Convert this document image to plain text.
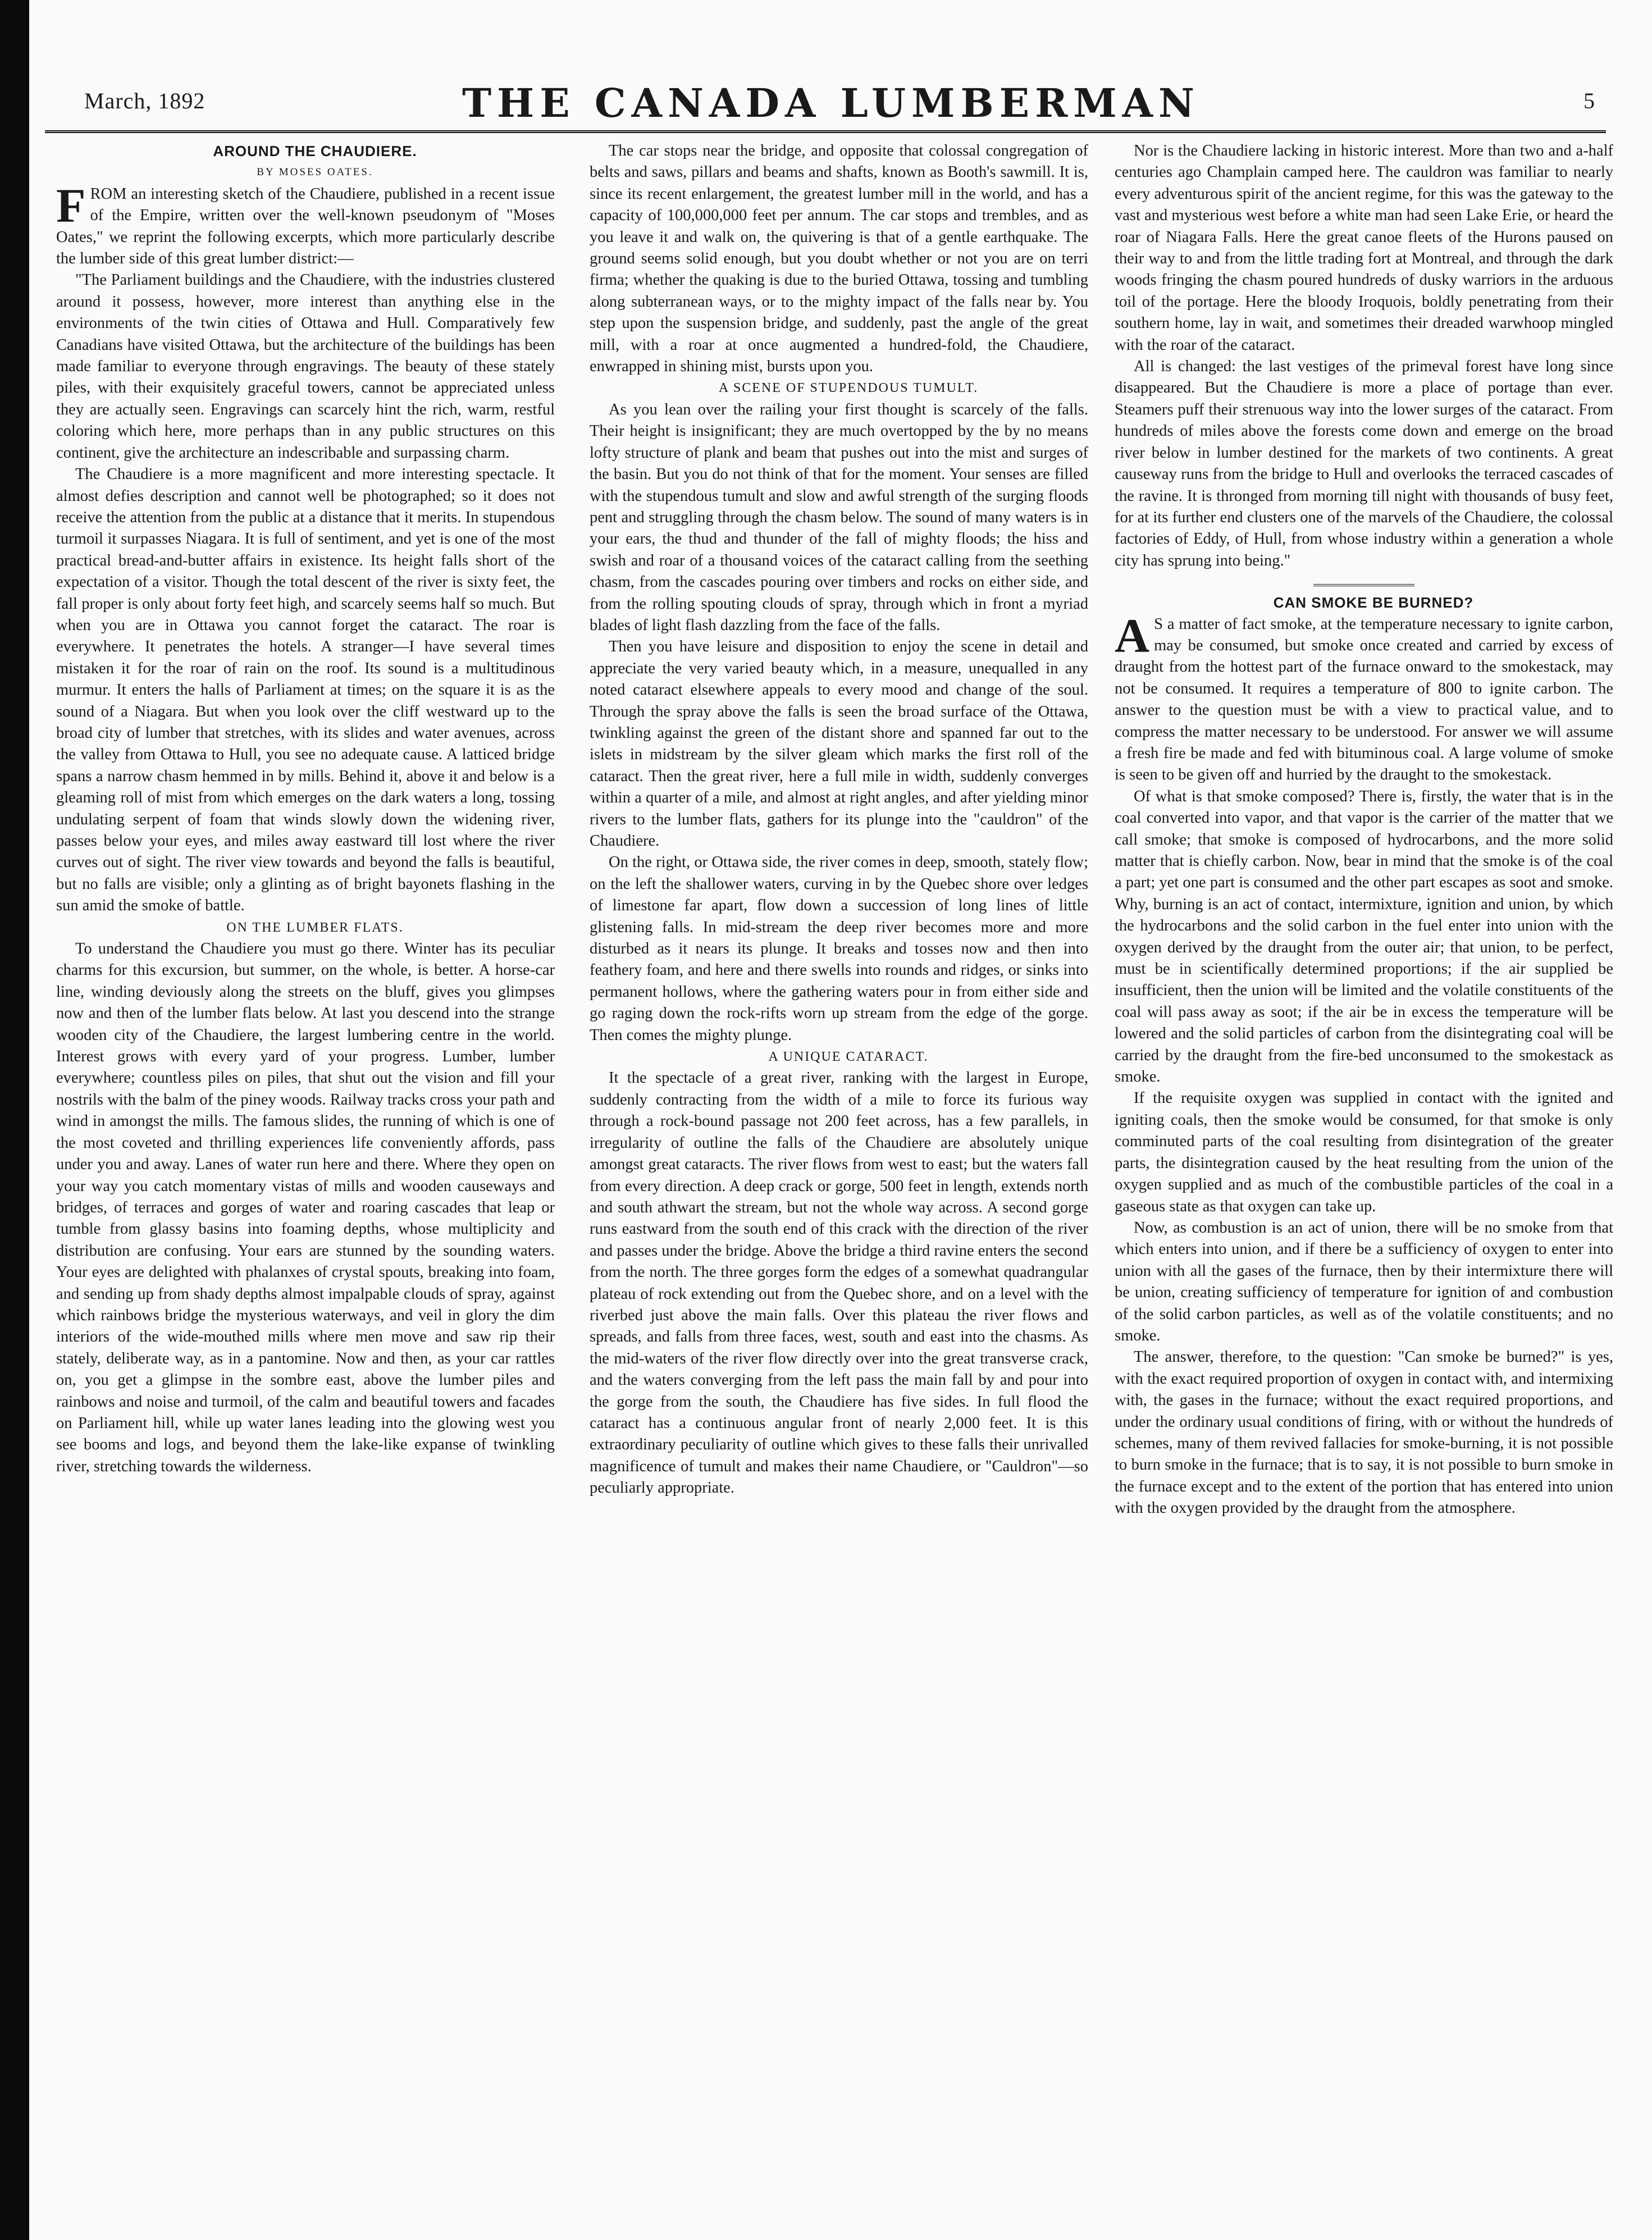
March, 1892	THE CANADA LUMBERMAN	5

AROUND THE CHAUDIERE.

BY MOSES OATES.

FROM an interesting sketch of the Chaudiere, published in a recent issue of the Empire, written over the well-known pseudonym of "Moses Oates," we reprint the following excerpts, which more particularly describe the lumber side of this great lumber district:—

"The Parliament buildings and the Chaudiere, with the industries clustered around it possess, however, more interest than anything else in the environments of the twin cities of Ottawa and Hull. Comparatively few Canadians have visited Ottawa, but the architecture of the buildings has been made familiar to everyone through engravings. The beauty of these stately piles, with their exquisitely graceful towers, cannot be appreciated unless they are actually seen. Engravings can scarcely hint the rich, warm, restful coloring which here, more perhaps than in any public structures on this continent, give the architecture an indescribable and surpassing charm.

The Chaudiere is a more magnificent and more interesting spectacle. It almost defies description and cannot well be photographed; so it does not receive the attention from the public at a distance that it merits. In stupendous turmoil it surpasses Niagara. It is full of sentiment, and yet is one of the most practical bread-and-butter affairs in existence. Its height falls short of the expectation of a visitor. Though the total descent of the river is sixty feet, the fall proper is only about forty feet high, and scarcely seems half so much. But when you are in Ottawa you cannot forget the cataract. The roar is everywhere. It penetrates the hotels. A stranger—I have several times mistaken it for the roar of rain on the roof. Its sound is a multitudinous murmur. It enters the halls of Parliament at times; on the square it is as the sound of a Niagara. But when you look over the cliff westward up to the broad city of lumber that stretches, with its slides and water avenues, across the valley from Ottawa to Hull, you see no adequate cause. A latticed bridge spans a narrow chasm hemmed in by mills. Behind it, above it and below is a gleaming roll of mist from which emerges on the dark waters a long, tossing undulating serpent of foam that winds slowly down the widening river, passes below your eyes, and miles away eastward till lost where the river curves out of sight. The river view towards and beyond the falls is beautiful, but no falls are visible; only a glinting as of bright bayonets flashing in the sun amid the smoke of battle.

ON THE LUMBER FLATS.

To understand the Chaudiere you must go there. Winter has its peculiar charms for this excursion, but summer, on the whole, is better. A horse-car line, winding deviously along the streets on the bluff, gives you glimpses now and then of the lumber flats below. At last you descend into the strange wooden city of the Chaudiere, the largest lumbering centre in the world. Interest grows with every yard of your progress. Lumber, lumber everywhere; countless piles on piles, that shut out the vision and fill your nostrils with the balm of the piney woods. Railway tracks cross your path and wind in amongst the mills. The famous slides, the running of which is one of the most coveted and thrilling experiences life conveniently affords, pass under you and away. Lanes of water run here and there. Where they open on your way you catch momentary vistas of mills and wooden causeways and bridges, of terraces and gorges of water and roaring cascades that leap or tumble from glassy basins into foaming depths, whose multiplicity and distribution are confusing. Your ears are stunned by the sounding waters. Your eyes are delighted with phalanxes of crystal spouts, breaking into foam, and sending up from shady depths almost impalpable clouds of spray, against which rainbows bridge the mysterious waterways, and veil in glory the dim interiors of the wide-mouthed mills where men move and saw rip their stately, deliberate way, as in a pantomine. Now and then, as your car rattles on, you get a glimpse in the sombre east, above the lumber piles and rainbows and noise and turmoil, of the calm and beautiful towers and facades on Parliament hill, while up water lanes leading into the glowing west you see booms and logs, and beyond them the lake-like expanse of twinkling river, stretching towards the wilderness.

The car stops near the bridge, and opposite that colossal congregation of belts and saws, pillars and beams and shafts, known as Booth's sawmill. It is, since its recent enlargement, the greatest lumber mill in the world, and has a capacity of 100,000,000 feet per annum. The car stops and trembles, and as you leave it and walk on, the quivering is that of a gentle earthquake. The ground seems solid enough, but you doubt whether or not you are on terri firma; whether the quaking is due to the buried Ottawa, tossing and tumbling along subterranean ways, or to the mighty impact of the falls near by. You step upon the suspension bridge, and suddenly, past the angle of the great mill, with a roar at once augmented a hundred-fold, the Chaudiere, enwrapped in shining mist, bursts upon you.

A SCENE OF STUPENDOUS TUMULT.

As you lean over the railing your first thought is scarcely of the falls. Their height is insignificant; they are much overtopped by the by no means lofty structure of plank and beam that pushes out into the mist and surges of the basin. But you do not think of that for the moment. Your senses are filled with the stupendous tumult and slow and awful strength of the surging floods pent and struggling through the chasm below. The sound of many waters is in your ears, the thud and thunder of the fall of mighty floods; the hiss and swish and roar of a thousand voices of the cataract calling from the seething chasm, from the cascades pouring over timbers and rocks on either side, and from the rolling spouting clouds of spray, through which in front a myriad blades of light flash dazzling from the face of the falls.

Then you have leisure and disposition to enjoy the scene in detail and appreciate the very varied beauty which, in a measure, unequalled in any noted cataract elsewhere appeals to every mood and change of the soul. Through the spray above the falls is seen the broad surface of the Ottawa, twinkling against the green of the distant shore and spanned far out to the islets in midstream by the silver gleam which marks the first roll of the cataract. Then the great river, here a full mile in width, suddenly converges within a quarter of a mile, and almost at right angles, and after yielding minor rivers to the lumber flats, gathers for its plunge into the "cauldron" of the Chaudiere.

On the right, or Ottawa side, the river comes in deep, smooth, stately flow; on the left the shallower waters, curving in by the Quebec shore over ledges of limestone far apart, flow down a succession of long lines of little glistening falls. In mid-stream the deep river becomes more and more disturbed as it nears its plunge. It breaks and tosses now and then into feathery foam, and here and there swells into rounds and ridges, or sinks into permanent hollows, where the gathering waters pour in from either side and go raging down the rock-rifts worn up stream from the edge of the gorge. Then comes the mighty plunge.

A UNIQUE CATARACT.

It the spectacle of a great river, ranking with the largest in Europe, suddenly contracting from the width of a mile to force its furious way through a rock-bound passage not 200 feet across, has a few parallels, in irregularity of outline the falls of the Chaudiere are absolutely unique amongst great cataracts. The river flows from west to east; but the waters fall from every direction. A deep crack or gorge, 500 feet in length, extends north and south athwart the stream, but not the whole way across. A second gorge runs eastward from the south end of this crack with the direction of the river and passes under the bridge. Above the bridge a third ravine enters the second from the north. The three gorges form the edges of a somewhat quadrangular plateau of rock extending out from the Quebec shore, and on a level with the riverbed just above the main falls. Over this plateau the river flows and spreads, and falls from three faces, west, south and east into the chasms. As the mid-waters of the river flow directly over into the great transverse crack, and the waters converging from the left pass the main fall by and pour into the gorge from the south, the Chaudiere has five sides. In full flood the cataract has a continuous angular front of nearly 2,000 feet. It is this extraordinary peculiarity of outline which gives to these falls their unrivalled magnificence of tumult and makes their name Chaudiere, or "Cauldron"—so peculiarly appropriate.

Nor is the Chaudiere lacking in historic interest. More than two and a-half centuries ago Champlain camped here. The cauldron was familiar to nearly every adventurous spirit of the ancient regime, for this was the gateway to the vast and mysterious west before a white man had seen Lake Erie, or heard the roar of Niagara Falls. Here the great canoe fleets of the Hurons paused on their way to and from the little trading fort at Montreal, and through the dark woods fringing the chasm poured hundreds of dusky warriors in the arduous toil of the portage. Here the bloody Iroquois, boldly penetrating from their southern home, lay in wait, and sometimes their dreaded warwhoop mingled with the roar of the cataract.

All is changed: the last vestiges of the primeval forest have long since disappeared. But the Chaudiere is more a place of portage than ever. Steamers puff their strenuous way into the lower surges of the cataract. From hundreds of miles above the forests come down and emerge on the broad river below in lumber destined for the markets of two continents. A great causeway runs from the bridge to Hull and overlooks the terraced cascades of the ravine. It is thronged from morning till night with thousands of busy feet, for at its further end clusters one of the marvels of the Chaudiere, the colossal factories of Eddy, of Hull, from whose industry within a generation a whole city has sprung into being."

CAN SMOKE BE BURNED?

A S a matter of fact smoke, at the temperature necessary to ignite carbon, may be consumed, but smoke once created and carried by excess of draught from the hottest part of the furnace onward to the smokestack, may not be consumed. It requires a temperature of 800 to ignite carbon. The answer to the question must be with a view to practical value, and to compress the matter necessary to be understood. For answer we will assume a fresh fire be made and fed with bituminous coal. A large volume of smoke is seen to be given off and hurried by the draught to the smokestack.

Of what is that smoke composed? There is, firstly, the water that is in the coal converted into vapor, and that vapor is the carrier of the matter that we call smoke; that smoke is composed of hydrocarbons, and the more solid matter that is chiefly carbon. Now, bear in mind that the smoke is of the coal a part; yet one part is consumed and the other part escapes as soot and smoke. Why, burning is an act of contact, intermixture, ignition and union, by which the hydrocarbons and the solid carbon in the fuel enter into union with the oxygen derived by the draught from the outer air; that union, to be perfect, must be in scientifically determined proportions; if the air supplied be insufficient, then the union will be limited and the volatile constituents of the coal will pass away as soot; if the air be in excess the temperature will be lowered and the solid particles of carbon from the disintegrating coal will be carried by the draught from the fire-bed unconsumed to the smokestack as smoke.

If the requisite oxygen was supplied in contact with the ignited and igniting coals, then the smoke would be consumed, for that smoke is only comminuted parts of the coal resulting from disintegration of the greater parts, the disintegration caused by the heat resulting from the union of the oxygen supplied and as much of the combustible particles of the coal in a gaseous state as that oxygen can take up.

Now, as combustion is an act of union, there will be no smoke from that which enters into union, and if there be a sufficiency of oxygen to enter into union with all the gases of the furnace, then by their intermixture there will be union, creating sufficiency of temperature for ignition of and combustion of the solid carbon particles, as well as of the volatile constituents; and no smoke.

The answer, therefore, to the question: "Can smoke be burned?" is yes, with the exact required proportion of oxygen in contact with, and intermixing with, the gases in the furnace; without the exact required proportions, and under the ordinary usual conditions of firing, with or without the hundreds of schemes, many of them revived fallacies for smoke-burning, it is not possible to burn smoke in the furnace; that is to say, it is not possible to burn smoke in the furnace except and to the extent of the portion that has entered into union with the oxygen provided by the draught from the atmosphere.
